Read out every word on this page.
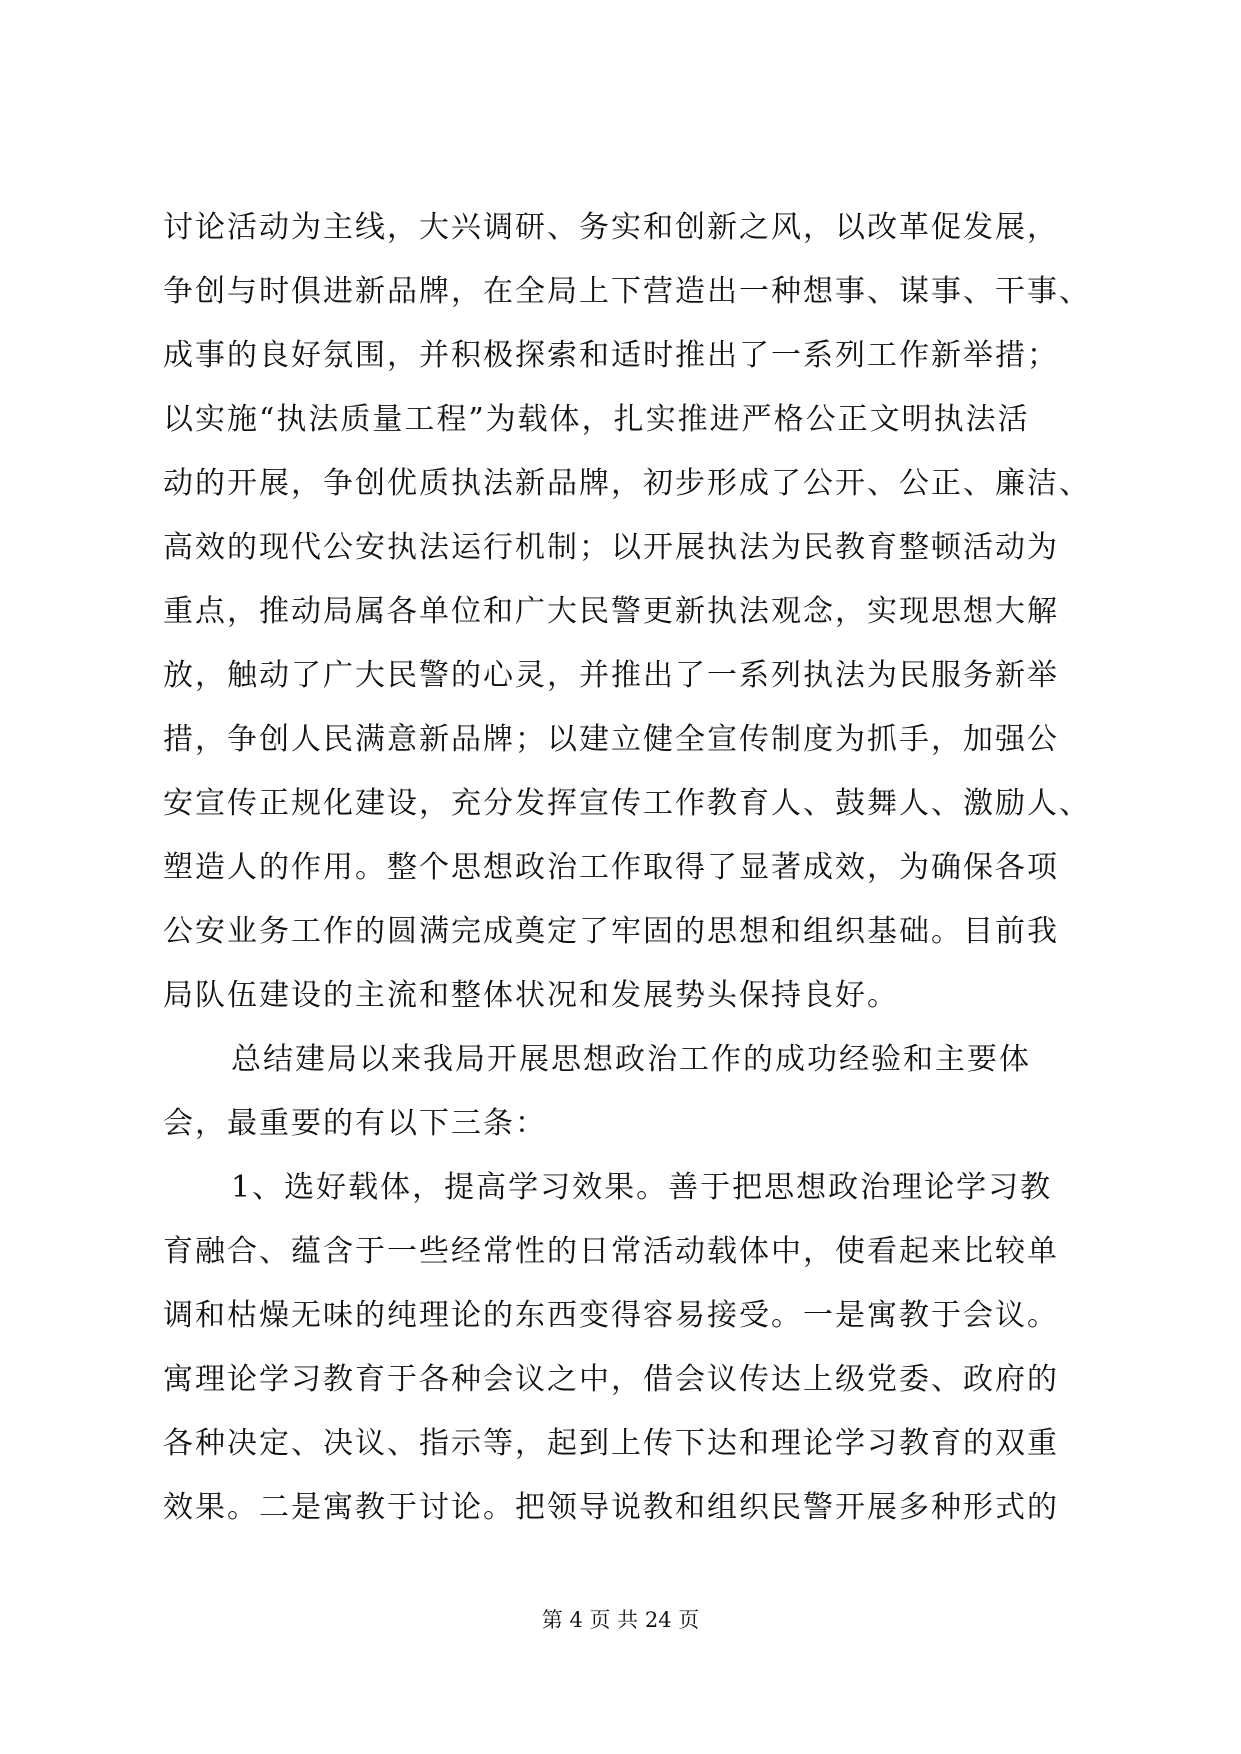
讨论活动为主线，大兴调研、务实和创新之风，以改革促发展，
争创与时俱进新品牌，在全局上下营造出一种想事、谋事、干事、
成事的良好氛围，并积极探索和适时推出了一系列工作新举措；
以实施“执法质量工程”为载体，扎实推进严格公正文明执法活
动的开展，争创优质执法新品牌，初步形成了公开、公正、廉洁、
高效的现代公安执法运行机制；以开展执法为民教育整顿活动为
重点，推动局属各单位和广大民警更新执法观念，实现思想大解
放，触动了广大民警的心灵，并推出了一系列执法为民服务新举
措，争创人民满意新品牌；以建立健全宣传制度为抓手，加强公
安宣传正规化建设，充分发挥宣传工作教育人、鼓舞人、激励人、
塑造人的作用。整个思想政治工作取得了显著成效，为确保各项
公安业务工作的圆满完成奠定了牢固的思想和组织基础。目前我
局队伍建设的主流和整体状况和发展势头保持良好。
总结建局以来我局开展思想政治工作的成功经验和主要体
会，最重要的有以下三条：
1、选好载体，提高学习效果。善于把思想政治理论学习教
育融合、蕴含于一些经常性的日常活动载体中，使看起来比较单
调和枯燥无味的纯理论的东西变得容易接受。一是寓教于会议。
寓理论学习教育于各种会议之中，借会议传达上级党委、政府的
各种决定、决议、指示等，起到上传下达和理论学习教育的双重
效果。二是寓教于讨论。把领导说教和组织民警开展多种形式的
第 4 页 共 24 页
